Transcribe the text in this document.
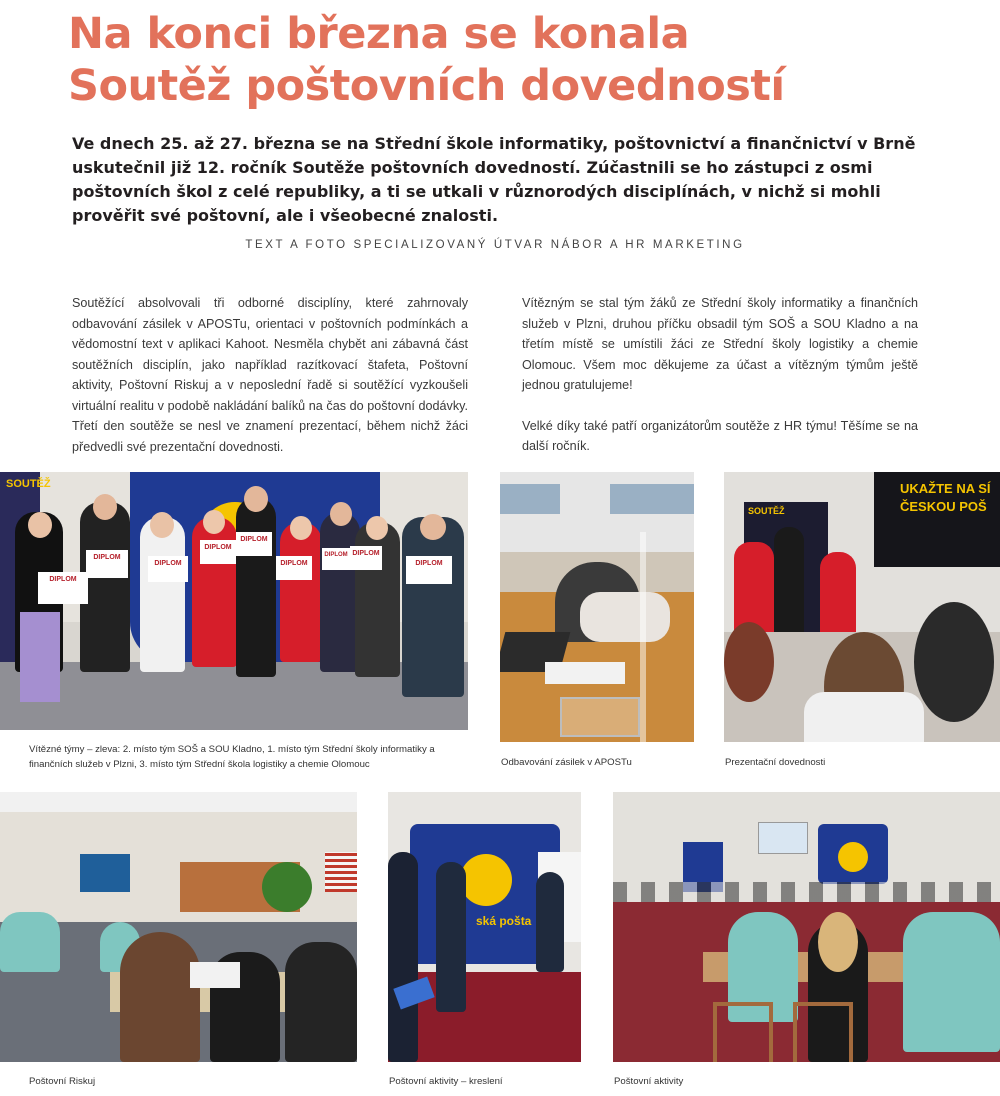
Na konci března se konala
Soutěž poštovních dovedností

Ve dnech 25. až 27. března se na Střední škole informatiky, poštovnictví a finančnictví v Brně uskutečnil již 12. ročník Soutěže poštovních dovedností. Zúčastnili se ho zástupci z osmi poštovních škol z celé republiky, a ti se utkali v různorodých disciplínách, v nichž si mohli prověřit své poštovní, ale i všeobecné znalosti.

TEXT A FOTO SPECIALIZOVANÝ ÚTVAR NÁBOR A HR MARKETING

Soutěžící absolvovali tři odborné disciplíny, které zahrnovaly odbavování zásilek v APOSTu, orientaci v poštovních podmínkách a vědomostní text v aplikaci Kahoot. Nesměla chybět ani zábavná část soutěžních disciplín, jako například razítkovací štafeta, Poštovní aktivity, Poštovní Riskuj a v neposlední řadě si soutěžící vyzkoušeli virtuální realitu v podobě nakládání balíků na čas do poštovní dodávky. Třetí den soutěže se nesl ve znamení prezentací, během nichž žáci předvedli své prezentační dovednosti.

Vítězným se stal tým žáků ze Střední školy informatiky a finančních služeb v Plzni, druhou příčku obsadil tým SOŠ a SOU Kladno a na třetím místě se umístili žáci ze Střední školy logistiky a chemie Olomouc. Všem moc děkujeme za účast a vítězným týmům ještě jednou gratulujeme!

Velké díky také patří organizátorům soutěže z HR týmu! Těšíme se na další ročník.

SOUTĚŽ
DIPLOM
DIPLOM
DIPLOM
DIPLOM
DIPLOM
DIPLOM
DIPLOM DIPLOM
DIPLOM
Vítězné týmy – zleva: 2. místo tým SOŠ a SOU Kladno, 1. místo tým Střední školy informatiky a finančních služeb v Plzni, 3. místo tým Střední škola logistiky a chemie Olomouc	Odbavování zásilek v APOSTu
UKAŽTE NA SÍ ČESKOU POŠ
SOUTĚŽ
Prezentační dovednosti
Poštovní Riskuj
ská pošta
Poštovní aktivity – kreslení	Poštovní aktivity
